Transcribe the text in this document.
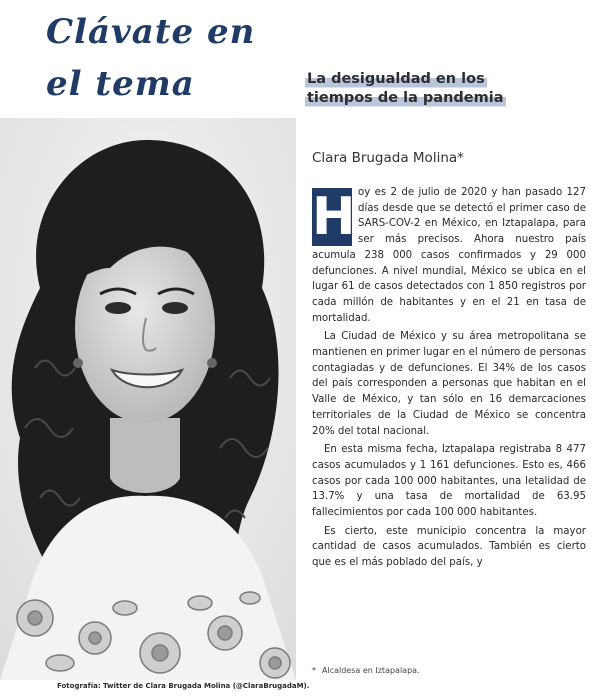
Clávate en
el tema	La desigualdad en los
tiempos de la pandemia

Fotografía: Twitter de Clara Brugada Molina (@ClaraBrugadaM).

Clara Brugada Molina*

H oy es 2 de julio de 2020 y han pasado 127 días desde que se detectó el primer caso de SARS-COV-2 en México, en Iztapalapa, para ser más precisos. Ahora nuestro país acumula 238 000 casos confirmados y 29 000 defunciones. A nivel mundial, México se ubica en el lugar 61 de casos detectados con 1 850 registros por cada millón de habitantes y en el 21 en tasa de mortalidad.

La Ciudad de México y su área metropolitana se mantienen en primer lugar en el número de personas contagiadas y de defunciones. El 34% de los casos del país corresponden a personas que habitan en el Valle de México, y tan sólo en 16 demarcaciones territoriales de la Ciudad de México se concentra 20% del total nacional.

En esta misma fecha, Iztapalapa registraba 8 477 casos acumulados y 1 161 defunciones. Esto es, 466 casos por cada 100 000 habitantes, una letalidad de 13.7% y una tasa de mortalidad de 63.95 fallecimientos por cada 100 000 habitantes.

Es cierto, este municipio concentra la mayor cantidad de casos acumulados. También es cierto que es el más poblado del país, y

* Alcaldesa en Iztapalapa.
